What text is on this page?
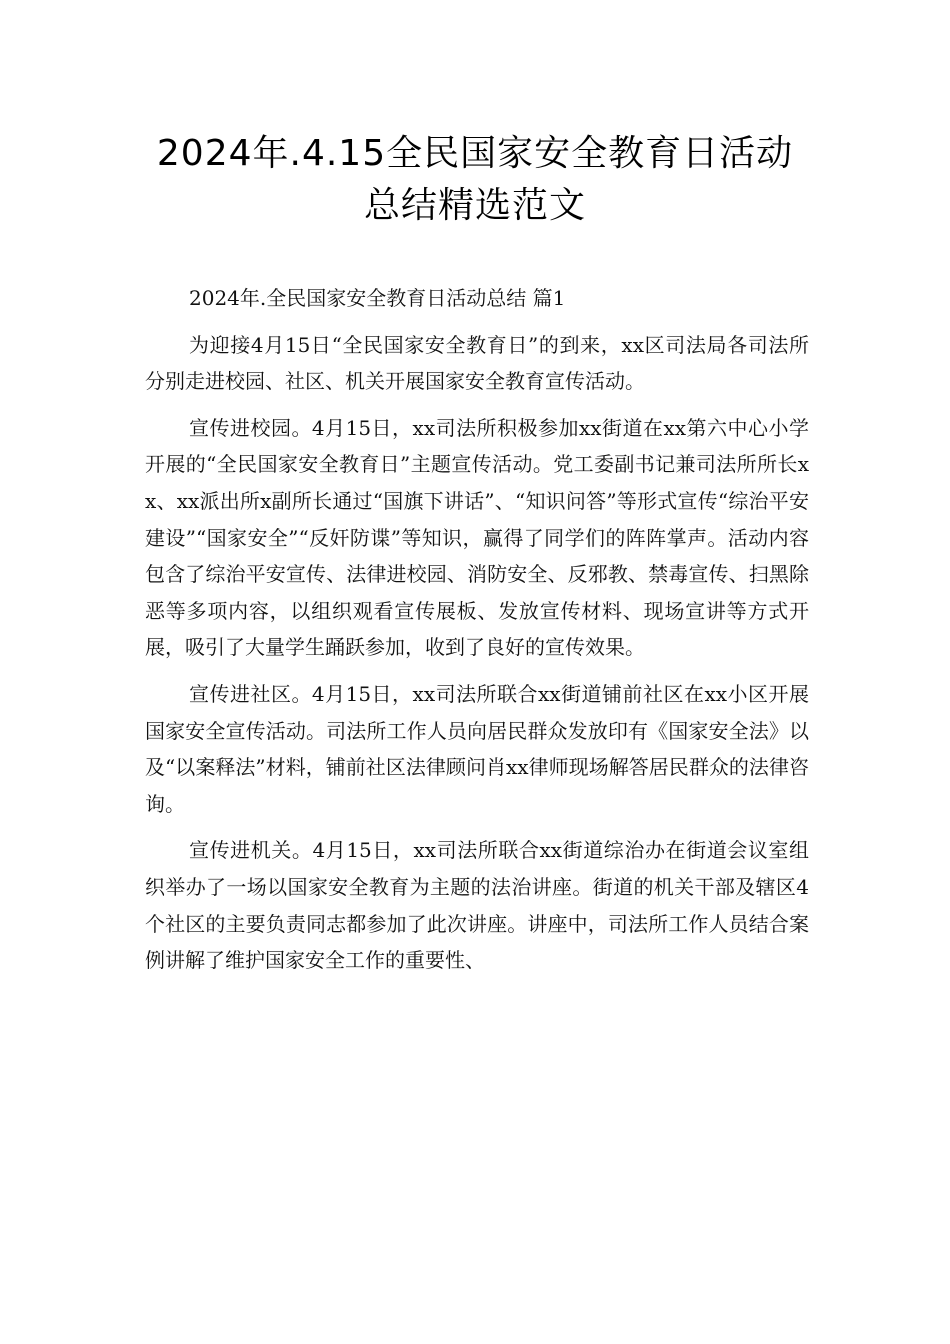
2024年.4.15全民国家安全教育日活动
总结精选范文

2024年.全民国家安全教育日活动总结 篇1

为迎接4月15日“全民国家安全教育日”的到来，xx区司法局各司法所分别走进校园、社区、机关开展国家安全教育宣传活动。

宣传进校园。4月15日，xx司法所积极参加xx街道在xx第六中心小学开展的“全民国家安全教育日”主题宣传活动。党工委副书记兼司法所所长xx、xx派出所x副所长通过“国旗下讲话”、“知识问答”等形式宣传“综治平安建设”“国家安全”“反奸防谍”等知识，赢得了同学们的阵阵掌声。活动内容包含了综治平安宣传、法律进校园、消防安全、反邪教、禁毒宣传、扫黑除恶等多项内容，以组织观看宣传展板、发放宣传材料、现场宣讲等方式开展，吸引了大量学生踊跃参加，收到了良好的宣传效果。

宣传进社区。4月15日，xx司法所联合xx街道铺前社区在xx小区开展国家安全宣传活动。司法所工作人员向居民群众发放印有《国家安全法》以及“以案释法”材料，铺前社区法律顾问肖xx律师现场解答居民群众的法律咨询。

宣传进机关。4月15日，xx司法所联合xx街道综治办在街道会议室组织举办了一场以国家安全教育为主题的法治讲座。街道的机关干部及辖区4个社区的主要负责同志都参加了此次讲座。讲座中，司法所工作人员结合案例讲解了维护国家安全工作的重要性、
